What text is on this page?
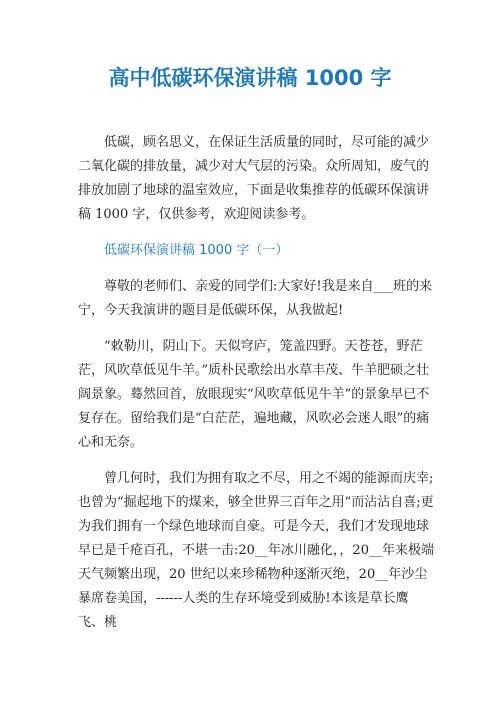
高中低碳环保演讲稿 1000 字

低碳，顾名思义，在保证生活质量的同时，尽可能的减少二氧化碳的排放量，减少对大气层的污染。众所周知，废气的排放加剧了地球的温室效应，下面是收集推荐的低碳环保演讲稿 1000 字，仅供参考，欢迎阅读参考。

低碳环保演讲稿 1000 字（一）

尊敬的老师们、亲爱的同学们:大家好!我是来自___班的来宁，今天我演讲的题目是低碳环保，从我做起!

“敕勒川，阴山下。天似穹庐，笼盖四野。天苍苍，野茫茫，风吹草低见牛羊。”质朴民歌绘出水草丰茂、牛羊肥硕之壮阔景象。蓦然回首，放眼现实“风吹草低见牛羊”的景象早已不复存在。留给我们是“白茫茫，遍地藏，风吹必会迷人眼”的痛心和无奈。

曾几何时，我们为拥有取之不尽，用之不竭的能源而庆幸;也曾为“掘起地下的煤来，够全世界三百年之用”而沾沾自喜;更为我们拥有一个绿色地球而自豪。可是今天，我们才发现地球早已是千疮百孔，不堪一击:20__年冰川融化，，20__年来极端天气频繁出现，20 世纪以来珍稀物种逐渐灭绝，20__年沙尘暴席卷美国，------人类的生存环境受到威胁!本该是草长鹰飞、桃
